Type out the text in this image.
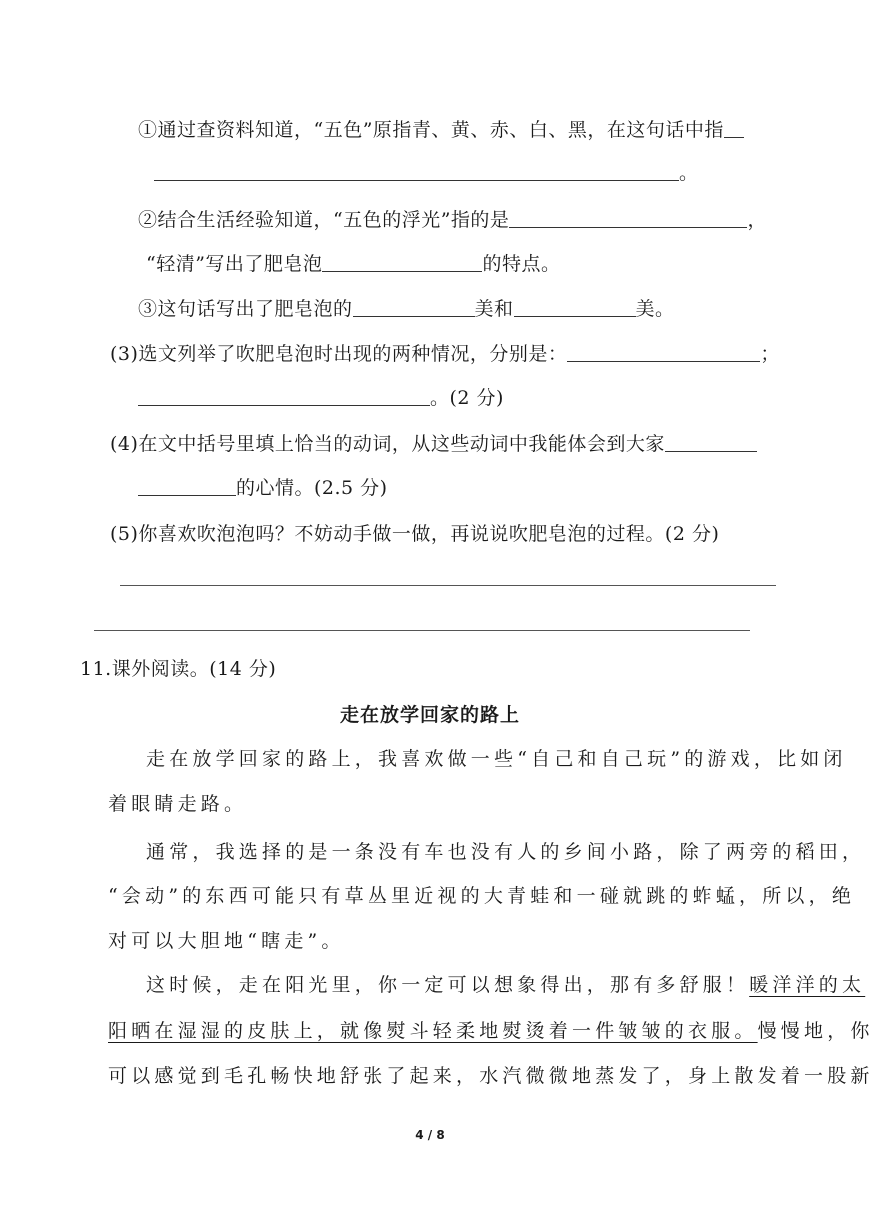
①通过查资料知道，“五色”原指青、黄、赤、白、黑，在这句话中指
。
②结合生活经验知道，“五色的浮光”指的是	，
“轻清”写出了肥皂泡	的特点。
③这句话写出了肥皂泡的	美和	美。
(3)选文列举了吹肥皂泡时出现的两种情况，分别是：	；
。(2 分)
(4)在文中括号里填上恰当的动词，从这些动词中我能体会到大家
的心情。(2.5 分)
(5)你喜欢吹泡泡吗？不妨动手做一做，再说说吹肥皂泡的过程。(2 分)
11.课外阅读。(14 分)
走在放学回家的路上
走在放学回家的路上，我喜欢做一些“自己和自己玩”的游戏，比如闭
着眼睛走路。
通常，我选择的是一条没有车也没有人的乡间小路，除了两旁的稻田，
“会动”的东西可能只有草丛里近视的大青蛙和一碰就跳的蚱蜢，所以，绝
对可以大胆地“瞎走”。
这时候，走在阳光里，你一定可以想象得出，那有多舒服！暖洋洋的太
阳晒在湿湿的皮肤上，就像熨斗轻柔地熨烫着一件皱皱的衣服。慢慢地，你
可以感觉到毛孔畅快地舒张了起来，水汽微微地蒸发了，身上散发着一股新
4 / 8
